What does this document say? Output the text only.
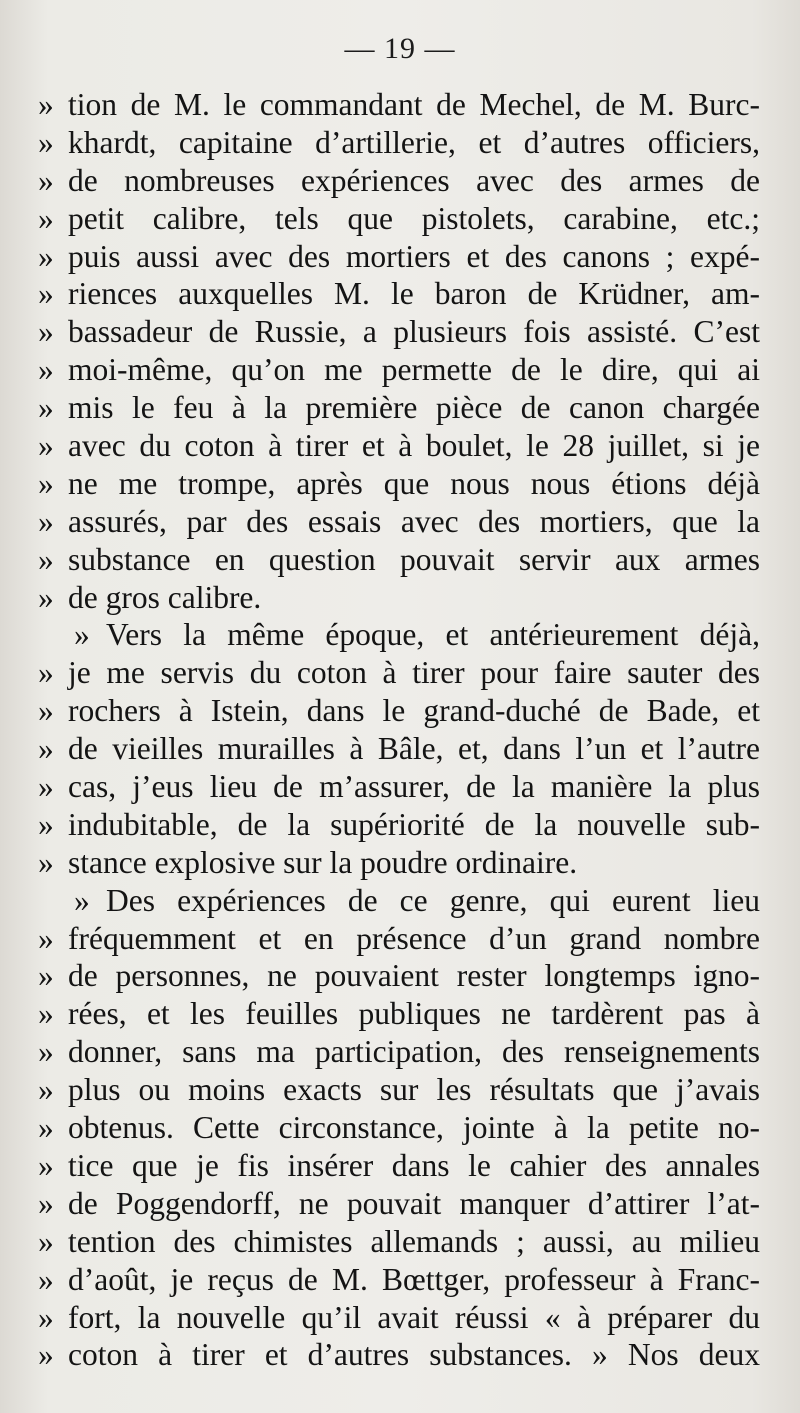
— 19 —
» tion de M. le commandant de Mechel, de M. Burc-
» khardt, capitaine d’artillerie, et d’autres officiers,
» de nombreuses expériences avec des armes de
» petit calibre, tels que pistolets, carabine, etc.;
» puis aussi avec des mortiers et des canons ; expé-
» riences auxquelles M. le baron de Krüdner, am-
» bassadeur de Russie, a plusieurs fois assisté. C’est
» moi-même, qu’on me permette de le dire, qui ai
» mis le feu à la première pièce de canon chargée
» avec du coton à tirer et à boulet, le 28 juillet, si je
» ne me trompe, après que nous nous étions déjà
» assurés, par des essais avec des mortiers, que la
» substance en question pouvait servir aux armes
» de gros calibre.
» Vers la même époque, et antérieurement déjà,
» je me servis du coton à tirer pour faire sauter des
» rochers à Istein, dans le grand-duché de Bade, et
» de vieilles murailles à Bâle, et, dans l’un et l’autre
» cas, j’eus lieu de m’assurer, de la manière la plus
» indubitable, de la supériorité de la nouvelle sub-
» stance explosive sur la poudre ordinaire.
» Des expériences de ce genre, qui eurent lieu
» fréquemment et en présence d’un grand nombre
» de personnes, ne pouvaient rester longtemps igno-
» rées, et les feuilles publiques ne tardèrent pas à
» donner, sans ma participation, des renseignements
» plus ou moins exacts sur les résultats que j’avais
» obtenus. Cette circonstance, jointe à la petite no-
» tice que je fis insérer dans le cahier des annales
» de Poggendorff, ne pouvait manquer d’attirer l’at-
» tention des chimistes allemands ; aussi, au milieu
» d’août, je reçus de M. Bœttger, professeur à Franc-
» fort, la nouvelle qu’il avait réussi « à préparer du
» coton à tirer et d’autres substances. » Nos deux
